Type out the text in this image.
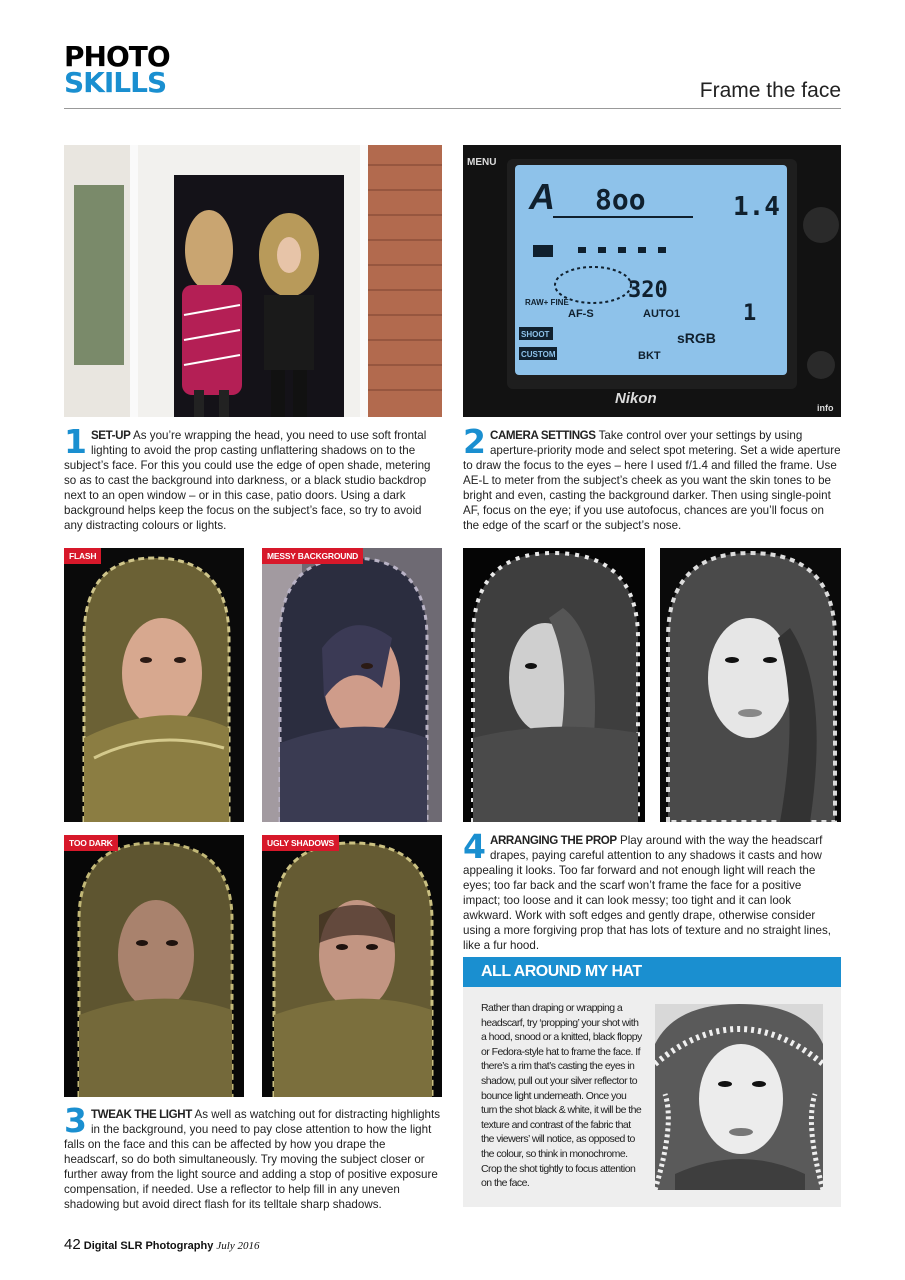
PHOTO
SKILLS	Frame the face
A 8oo	1.4
320
1
RAW+ FINE
AF-S	AUTO1
SHOOT
CUSTOM	BKT
sRGB
Nikon
MENU
info
1 SET-UP As you’re wrapping the head, you need to use soft frontal lighting to avoid the prop casting unflattering shadows on to the subject’s face. For this you could use the edge of open shade, metering so as to cast the background into darkness, or a black studio backdrop next to an open window – or in this case, patio doors. Using a dark background helps keep the focus on the subject’s face, so try to avoid any distracting colours or lights.
2 CAMERA SETTINGS Take control over your settings by using aperture-priority mode and select spot metering. Set a wide aperture to draw the focus to the eyes – here I used f/1.4 and filled the frame. Use AE-L to meter from the subject’s cheek as you want the skin tones to be bright and even, casting the background darker. Then using single-point AF, focus on the eye; if you use autofocus, chances are you’ll focus on the edge of the scarf or the subject’s nose.
FLASH	MESSY BACKGROUND
TOO DARK	UGLY SHADOWS	4 ARRANGING THE PROP Play around with the way the headscarf drapes, paying careful attention to any shadows it casts and how appealing it looks. Too far forward and not enough light will reach the eyes; too far back and the scarf won’t frame the face for a positive impact; too loose and it can look messy; too tight and it can look awkward. Work with soft edges and gently drape, otherwise consider using a more forgiving prop that has lots of texture and no straight lines, like a fur hood.
3 TWEAK THE LIGHT As well as watching out for distracting highlights in the background, you need to pay close attention to how the light falls on the face and this can be affected by how you drape the headscarf, so do both simultaneously. Try moving the subject closer or further away from the light source and adding a stop of positive exposure compensation, if needed. Use a reflector to help fill in any uneven shadowing but avoid direct flash for its telltale sharp shadows.
ALL AROUND MY HAT
Rather than draping or wrapping a headscarf, try ‘propping’ your shot with a hood, snood or a knitted, black floppy or Fedora-style hat to frame the face. If there’s a rim that’s casting the eyes in shadow, pull out your silver reflector to bounce light underneath. Once you turn the shot black & white, it will be the texture and contrast of the fabric that the viewers’ will notice, as opposed to the colour, so think in monochrome. Crop the shot tightly to focus attention on the face.
42 Digital SLR Photography July 2016
